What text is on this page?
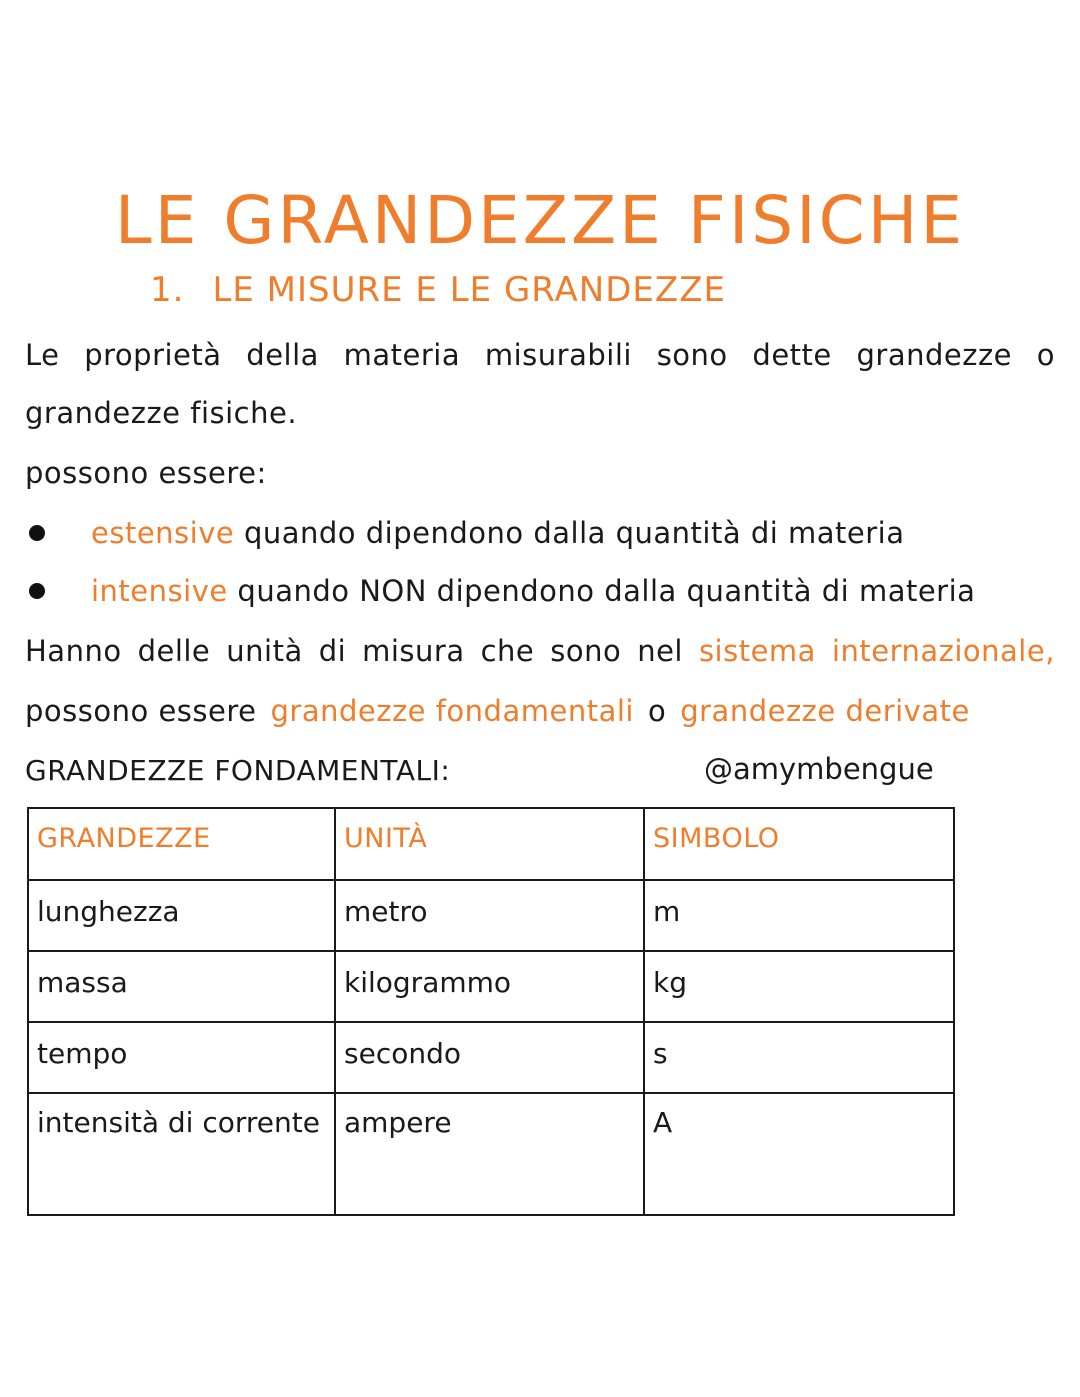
LE GRANDEZZE FISICHE
1. LE MISURE E LE GRANDEZZE
Le proprietà della materia misurabili sono dette grandezze o
grandezze fisiche.
possono essere:
estensive
quando dipendono dalla quantità di materia
intensive
quando NON dipendono dalla quantità di materia
Hanno delle unità di misura che sono nel sistema internazionale,
possono essere grandezze fondamentali o grandezze derivate
GRANDEZZE FONDAMENTALI:	@amymbengue
GRANDEZZE	UNITÀ	SIMBOLO
lunghezza	metro	m
massa	kilogrammo	kg
tempo	secondo	s
intensità di corrente	ampere	A
